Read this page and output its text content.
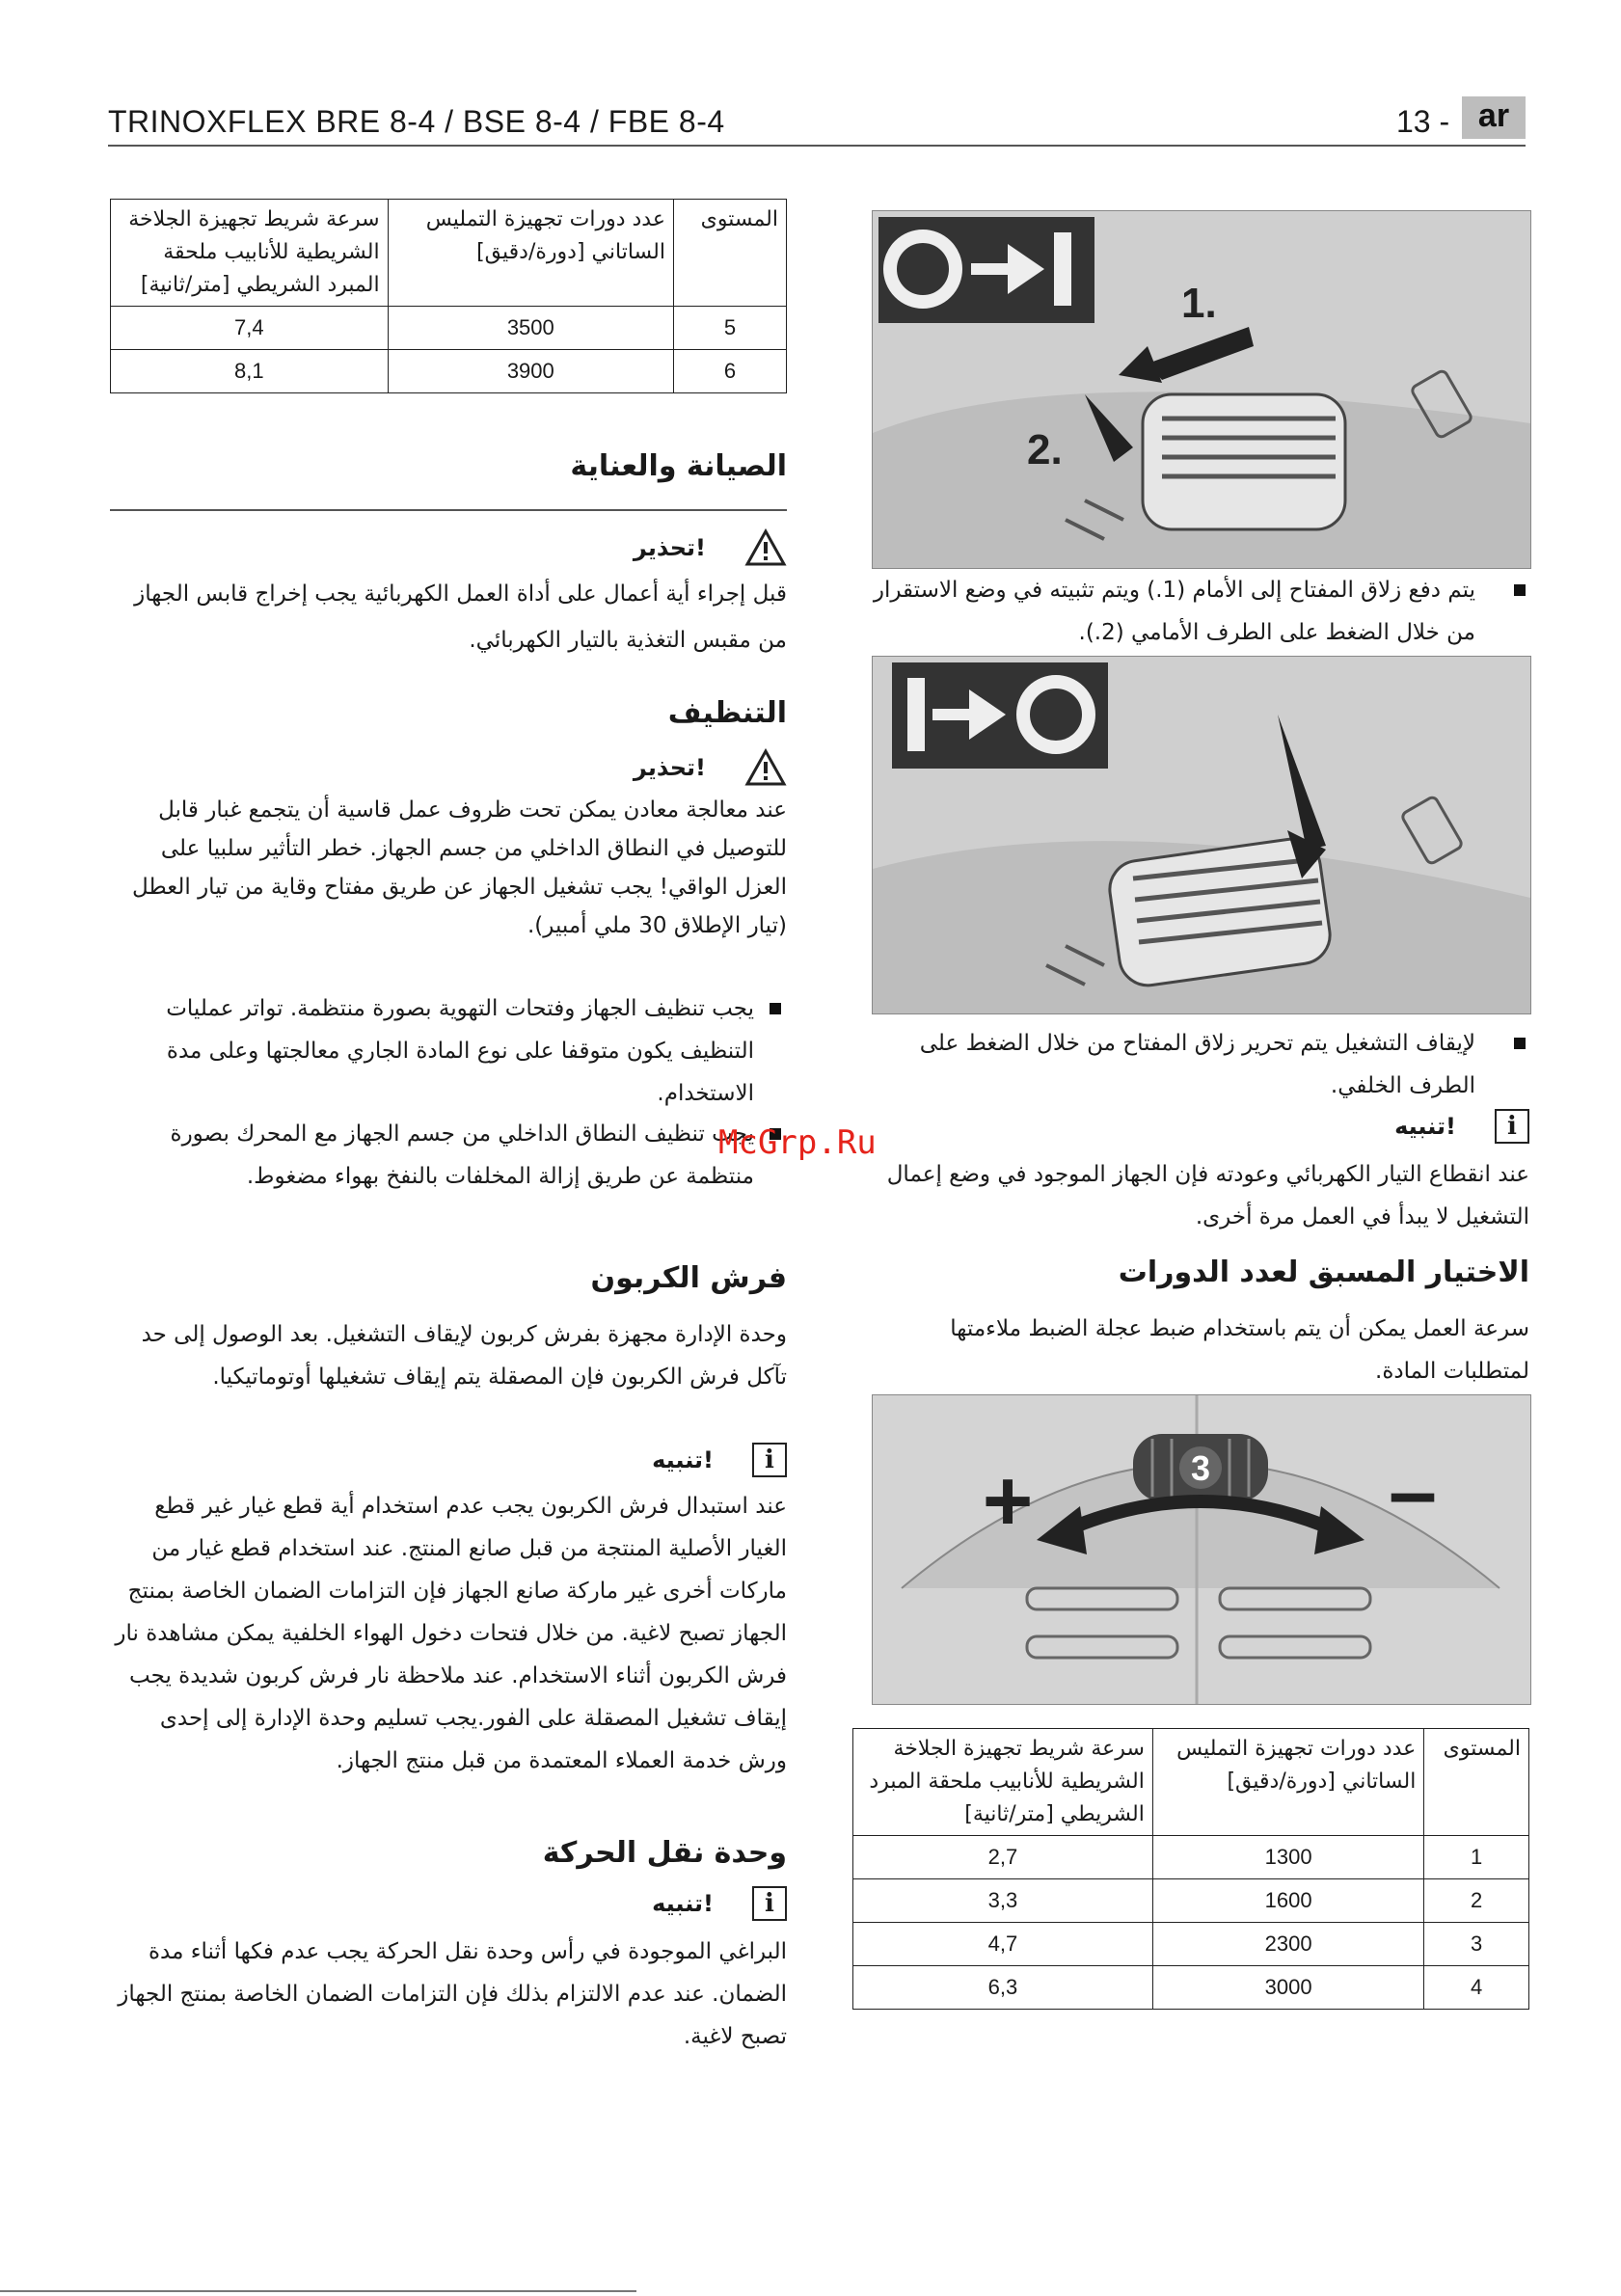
TRINOXFLEX BRE 8-4 / BSE 8-4 / FBE 8-4	13 - ar
سرعة شريط تجهيزة الجلاخة الشريطية للأنابيب ملحقة المبرد الشريطي [متر/ثانية]	عدد دورات تجهيزة التمليس الساتاني [دورة/دقيق]	المستوى
7,4	3500	5
8,1	3900	6
الصيانة والعناية
تحذير!
قبل إجراء أية أعمال على أداة العمل الكهربائية يجب إخراج قابس الجهاز من مقبس التغذية بالتيار الكهربائي.
التنظيف
تحذير!
عند معالجة معادن يمكن تحت ظروف عمل قاسية أن يتجمع غبار قابل للتوصيل في النطاق الداخلي من جسم الجهاز. خطر التأثير سلبيا على العزل الواقي! يجب تشغيل الجهاز عن طريق مفتاح وقاية من تيار العطل (تيار الإطلاق 30 ملي أمبير).
يجب تنظيف الجهاز وفتحات التهوية بصورة منتظمة. تواتر عمليات التنظيف يكون متوقفا على نوع المادة الجاري معالجتها وعلى مدة الاستخدام.
يجب تنظيف النطاق الداخلي من جسم الجهاز مع المحرك بصورة منتظمة عن طريق إزالة المخلفات بالنفخ بهواء مضغوط.
فرش الكربون
وحدة الإدارة مجهزة بفرش كربون لإيقاف التشغيل. بعد الوصول إلى حد تآكل فرش الكربون فإن المصقلة يتم إيقاف تشغيلها أوتوماتيكيا.
i
تنبيه!
عند استبدال فرش الكربون يجب عدم استخدام أية قطع غيار غير قطع الغيار الأصلية المنتجة من قبل صانع المنتج. عند استخدام قطع غيار من ماركات أخرى غير ماركة صانع الجهاز فإن التزامات الضمان الخاصة بمنتج الجهاز تصبح لاغية. من خلال فتحات دخول الهواء الخلفية يمكن مشاهدة نار فرش الكربون أثناء الاستخدام. عند ملاحظة نار فرش كربون شديدة يجب إيقاف تشغيل المصقلة على الفور.يجب تسليم وحدة الإدارة إلى إحدى ورش خدمة العملاء المعتمدة من قبل منتج الجهاز.
وحدة نقل الحركة
i
تنبيه!
البراغي الموجودة في رأس وحدة نقل الحركة يجب عدم فكها أثناء مدة الضمان. عند عدم الالتزام بذلك فإن التزامات الضمان الخاصة بمنتج الجهاز تصبح لاغية.
1.
2.
يتم دفع زلاق المفتاح إلى الأمام (1.) ويتم تثبيته في وضع الاستقرار من خلال الضغط على الطرف الأمامي (2.).
لإيقاف التشغيل يتم تحرير زلاق المفتاح من خلال الضغط على الطرف الخلفي.
i
تنبيه!
عند انقطاع التيار الكهربائي وعودته فإن الجهاز الموجود في وضع إعمال التشغيل لا يبدأ في العمل مرة أخرى.
الاختيار المسبق لعدد الدورات
سرعة العمل يمكن أن يتم باستخدام ضبط عجلة الضبط ملاءمتها لمتطلبات المادة.
3
+	–
سرعة شريط تجهيزة الجلاخة الشريطية للأنابيب ملحقة المبرد الشريطي [متر/ثانية]	عدد دورات تجهيزة التمليس الساتاني [دورة/دقيق]	المستوى
2,7	1300	1
3,3	1600	2
4,7	2300	3
6,3	3000	4
McGrp.Ru
